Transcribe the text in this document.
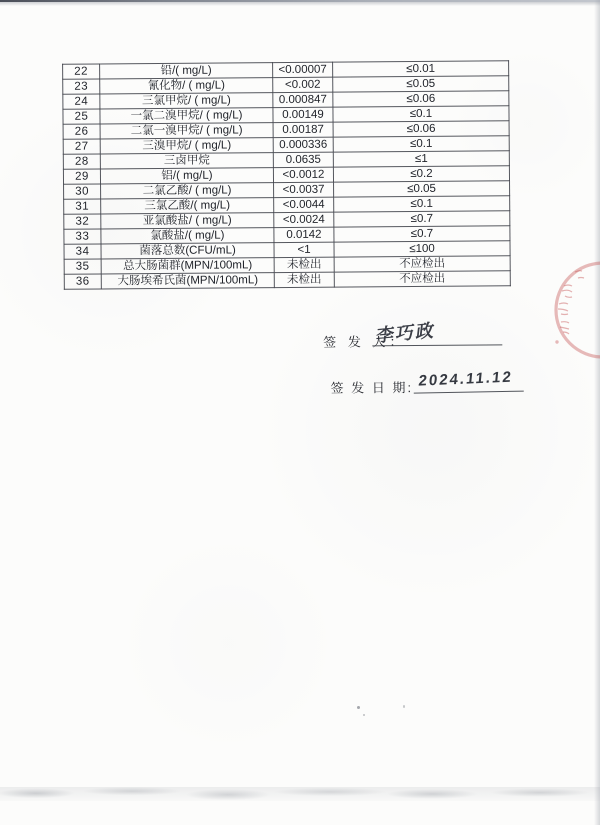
22	铅/( mg/L)	<0.00007	≤0.01
23	氰化物/ ( mg/L)	<0.002	≤0.05
24	三氯甲烷/ ( mg/L)	0.000847	≤0.06
25	一氯二溴甲烷/ ( mg/L)	0.00149	≤0.1
26	二氯一溴甲烷/ ( mg/L)	0.00187	≤0.06
27	三溴甲烷/ ( mg/L)	0.000336	≤0.1
28	三卤甲烷	0.0635	≤1
29	铝/( mg/L)	<0.0012	≤0.2
30	二氯乙酸/ ( mg/L)	<0.0037	≤0.05
31	三氯乙酸/( mg/L)	<0.0044	≤0.1
32	亚氯酸盐/ ( mg/L)	<0.0024	≤0.7
33	氯酸盐/( mg/L)	0.0142	≤0.7
34	菌落总数(CFU/mL)	<1	≤100
35	总大肠菌群(MPN/100mL)	未检出	不应检出
36	大肠埃希氏菌(MPN/100mL)	未检出	不应检出
签 发 人：
李巧政
签 发 日 期: 2024.11.12
